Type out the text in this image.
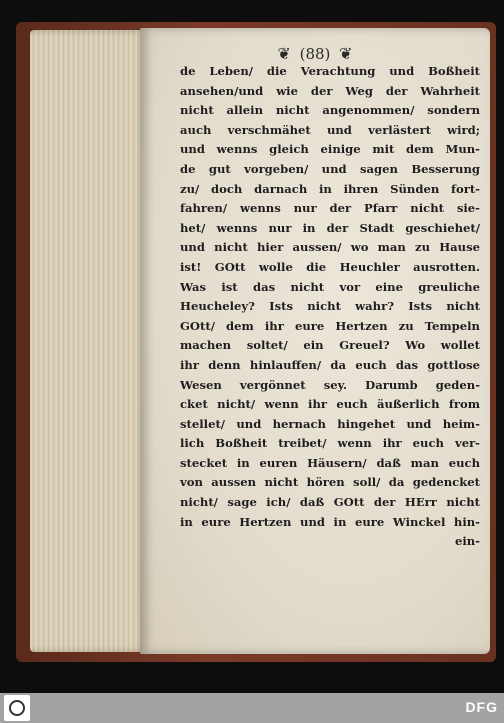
❦ (88) ❦
de Leben/ die Verachtung und Boßheit
ansehen/und wie der Weg der Wahrheit
nicht allein nicht angenommen/ sondern
auch verschmähet und verlästert wird;
und wenns gleich einige mit dem Mun-
de gut vorgeben/ und sagen Besserung
zu/ doch darnach in ihren Sünden fort-
fahren/ wenns nur der Pfarr nicht sie-
het/ wenns nur in der Stadt geschiehet/
und nicht hier aussen/ wo man zu Hause
ist! GOtt wolle die Heuchler ausrotten.
Was ist das nicht vor eine greuliche
Heucheley? Ists nicht wahr? Ists nicht
GOtt/ dem ihr eure Hertzen zu Tempeln
machen soltet/ ein Greuel? Wo wollet
ihr denn hinlauffen/ da euch das gottlose
Wesen vergönnet sey. Darumb geden-
cket nicht/ wenn ihr euch äußerlich from
stellet/ und hernach hingehet und heim-
lich Boßheit treibet/ wenn ihr euch ver-
stecket in euren Häusern/ daß man euch
von aussen nicht hören soll/ da gedencket
nicht/ sage ich/ daß GOtt der HErr nicht
in eure Hertzen und in eure Winckel hin-
ein-
DFG
